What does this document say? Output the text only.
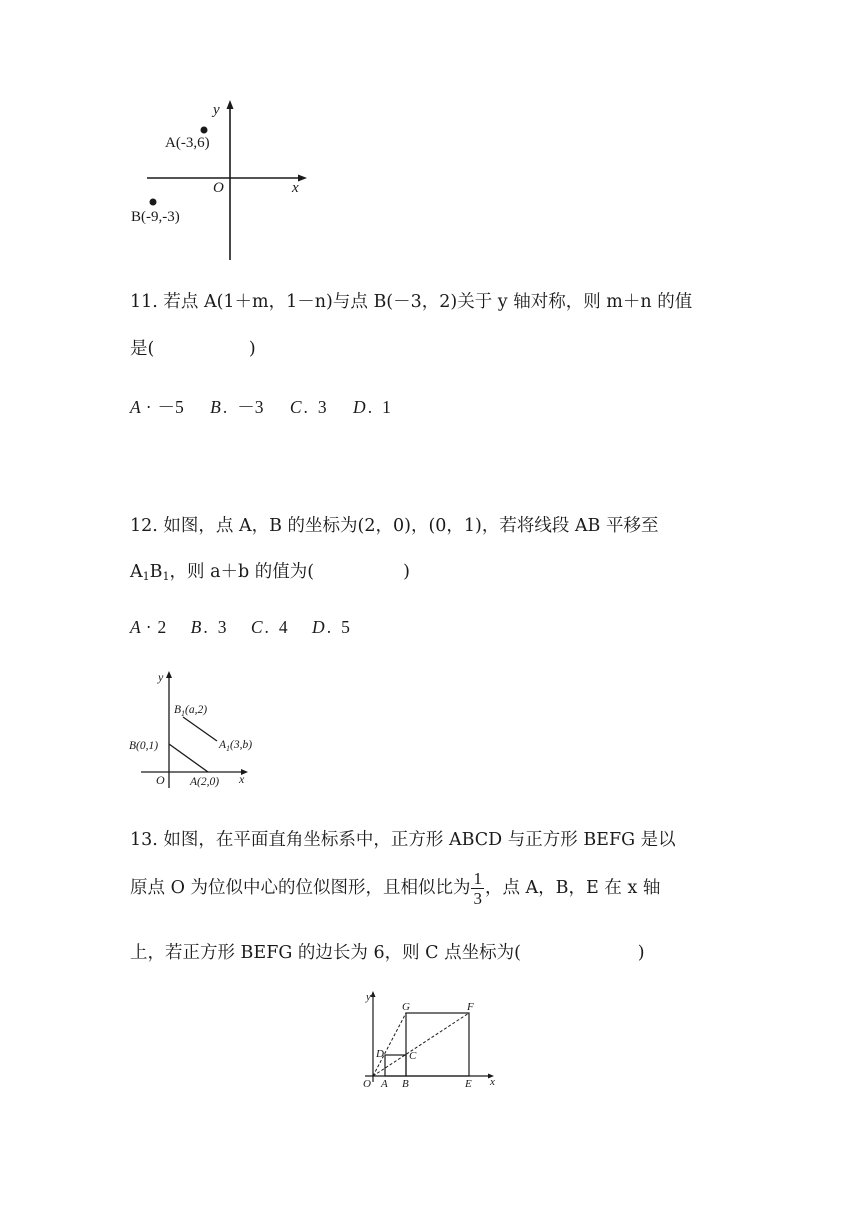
y
x
O
A(-3,6)
B(-9,-3)
11. 若点 A(1＋m，1－n)与点 B(－3，2)关于 y 轴对称，则 m＋n 的值
是(                 )
A · －5 B . －3 C . 3 D . 1
12. 如图，点 A，B 的坐标为(2，0)，(0，1)，若将线段 AB 平移至
$A_1B_1$，则 a＋b 的值为(                )
A · 2 B . 3 C . 4 D . 5
y
x
O
$B_1(a,2)$
$A_1(3,b)$
B(0,1)
A(2,0)
13. 如图，在平面直角坐标系中，正方形 ABCD 与正方形 BEFG 是以
原点 O 为位似中心的位似图形，且相似比为 $\frac{1}{3}$ ，点 A，B，E 在 x 轴
上，若正方形 BEFG 的边长为 6，则 C 点坐标为(                     )
y
x
O A B	E
D C
G	F
